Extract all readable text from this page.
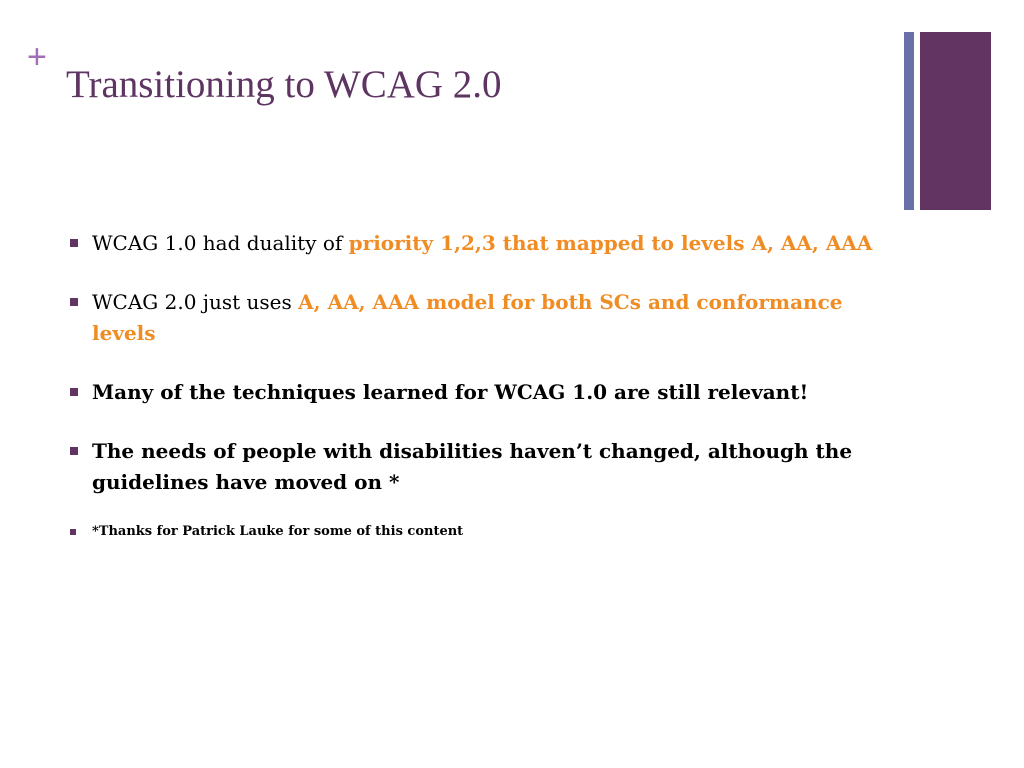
+
Transitioning to WCAG 2.0
WCAG 1.0 had duality of priority 1,2,3 that mapped to levels A, AA, AAA
WCAG 2.0 just uses A, AA, AAA model for both SCs and conformance levels
Many of the techniques learned for WCAG 1.0 are still relevant!
The needs of people with disabilities haven’t changed, although the guidelines have moved on *
*Thanks for Patrick Lauke for some of this content
